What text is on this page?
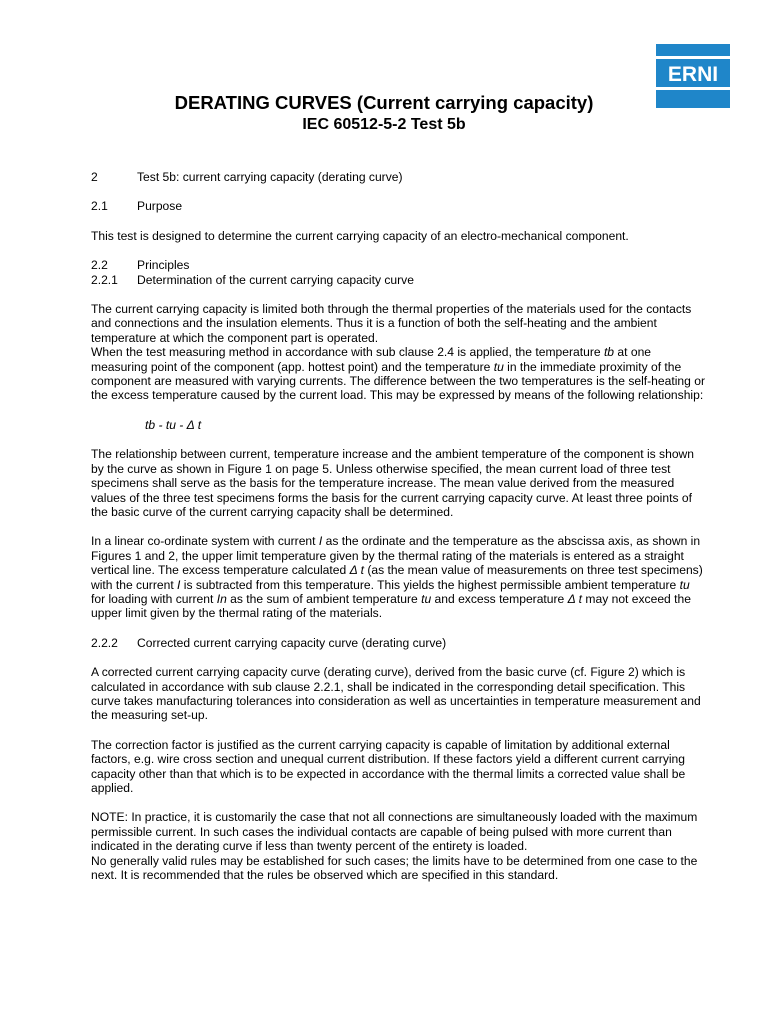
ERNI
DERATING CURVES (Current carrying capacity)
IEC 60512-5-2 Test 5b
2	Test 5b: current carrying capacity (derating curve)
2.1	Purpose

This test is designed to determine the current carrying capacity of an electro-mechanical component.

2.2	Principles
2.2.1	Determination of the current carrying capacity curve

The current carrying capacity is limited both through the thermal properties of the materials used for the contacts and connections and the insulation elements. Thus it is a function of both the self-heating and the ambient temperature at which the component part is operated.

When the test measuring method in accordance with sub clause 2.4 is applied, the temperature tb at one measuring point of the component (app. hottest point) and the temperature tu in the immediate proximity of the component are measured with varying currents. The difference between the two temperatures is the self-heating or the excess temperature caused by the current load. This may be expressed by means of the following relationship:

tb - tu - Δ t

The relationship between current, temperature increase and the ambient temperature of the component is shown by the curve as shown in Figure 1 on page 5. Unless otherwise specified, the mean current load of three test specimens shall serve as the basis for the temperature increase. The mean value derived from the measured values of the three test specimens forms the basis for the current carrying capacity curve. At least three points of the basic curve of the current carrying capacity shall be determined.

In a linear co-ordinate system with current I as the ordinate and the temperature as the abscissa axis, as shown in Figures 1 and 2, the upper limit temperature given by the thermal rating of the materials is entered as a straight vertical line. The excess temperature calculated Δ t (as the mean value of measurements on three test specimens) with the current I is subtracted from this temperature. This yields the highest permissible ambient temperature tu for loading with current In as the sum of ambient temperature tu and excess temperature Δ t may not exceed the upper limit given by the thermal rating of the materials.

2.2.2	Corrected current carrying capacity curve (derating curve)

A corrected current carrying capacity curve (derating curve), derived from the basic curve (cf. Figure 2) which is calculated in accordance with sub clause 2.2.1, shall be indicated in the corresponding detail specification. This curve takes manufacturing tolerances into consideration as well as uncertainties in temperature measurement and the measuring set-up.

The correction factor is justified as the current carrying capacity is capable of limitation by additional external factors, e.g. wire cross section and unequal current distribution. If these factors yield a different current carrying capacity other than that which is to be expected in accordance with the thermal limits a corrected value shall be applied.

NOTE: In practice, it is customarily the case that not all connections are simultaneously loaded with the maximum permissible current. In such cases the individual contacts are capable of being pulsed with more current than indicated in the derating curve if less than twenty percent of the entirety is loaded.

No generally valid rules may be established for such cases; the limits have to be determined from one case to the next. It is recommended that the rules be observed which are specified in this standard.
